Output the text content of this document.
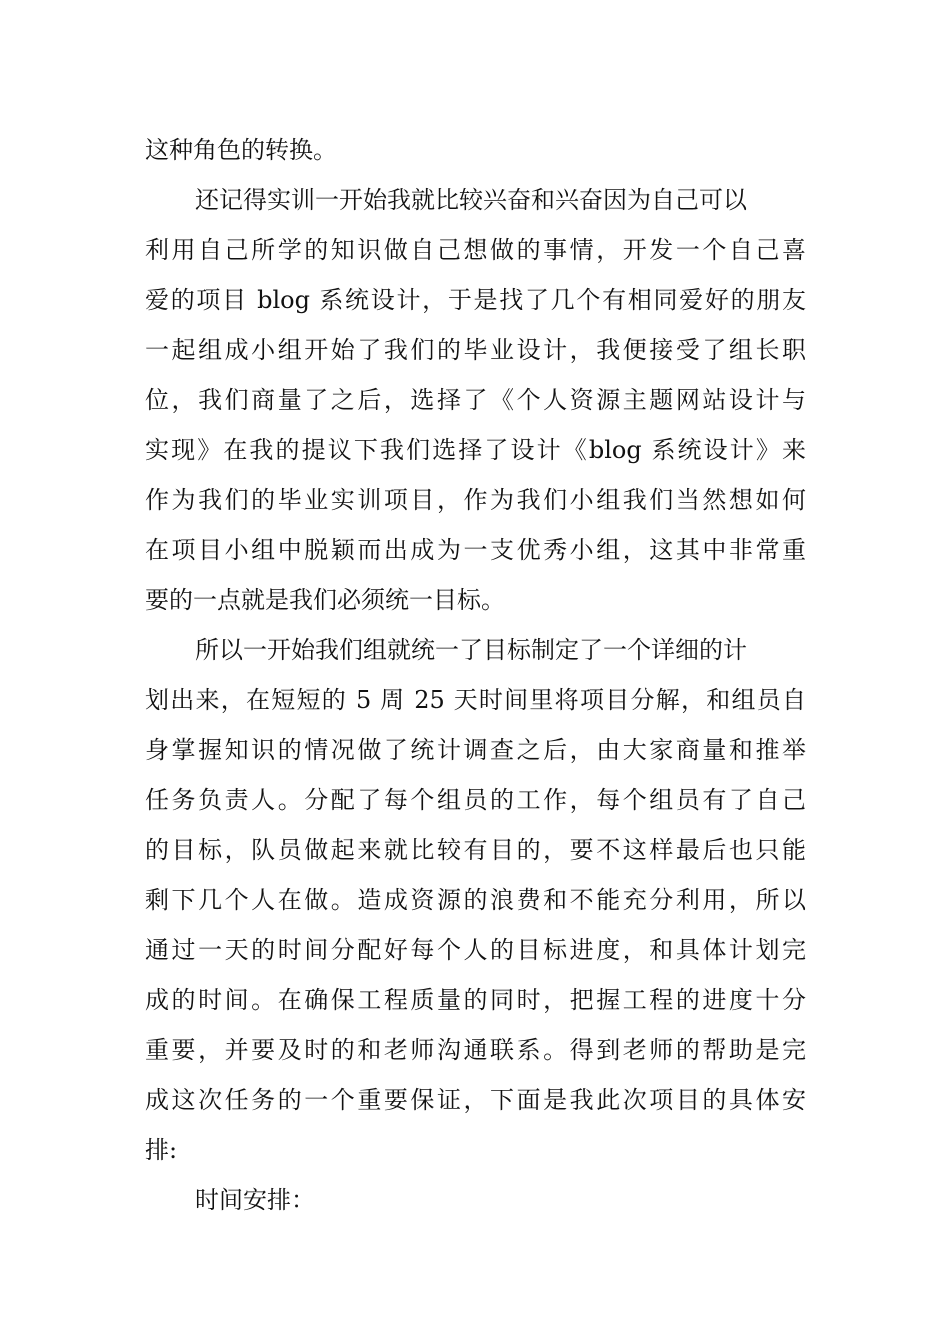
这种角色的转换。

还记得实训一开始我就比较兴奋和兴奋因为自己可以

利用自己所学的知识做自己想做的事情，开发一个自己喜

爱的项目 blog 系统设计，于是找了几个有相同爱好的朋友

一起组成小组开始了我们的毕业设计，我便接受了组长职

位，我们商量了之后，选择了《个人资源主题网站设计与

实现》在我的提议下我们选择了设计《blog 系统设计》来

作为我们的毕业实训项目，作为我们小组我们当然想如何

在项目小组中脱颖而出成为一支优秀小组，这其中非常重

要的一点就是我们必须统一目标。

所以一开始我们组就统一了目标制定了一个详细的计

划出来，在短短的 5 周 25 天时间里将项目分解，和组员自

身掌握知识的情况做了统计调查之后，由大家商量和推举

任务负责人。分配了每个组员的工作，每个组员有了自己

的目标，队员做起来就比较有目的，要不这样最后也只能

剩下几个人在做。造成资源的浪费和不能充分利用，所以

通过一天的时间分配好每个人的目标进度，和具体计划完

成的时间。在确保工程质量的同时，把握工程的进度十分

重要，并要及时的和老师沟通联系。得到老师的帮助是完

成这次任务的一个重要保证，下面是我此次项目的具体安

排:

时间安排：
